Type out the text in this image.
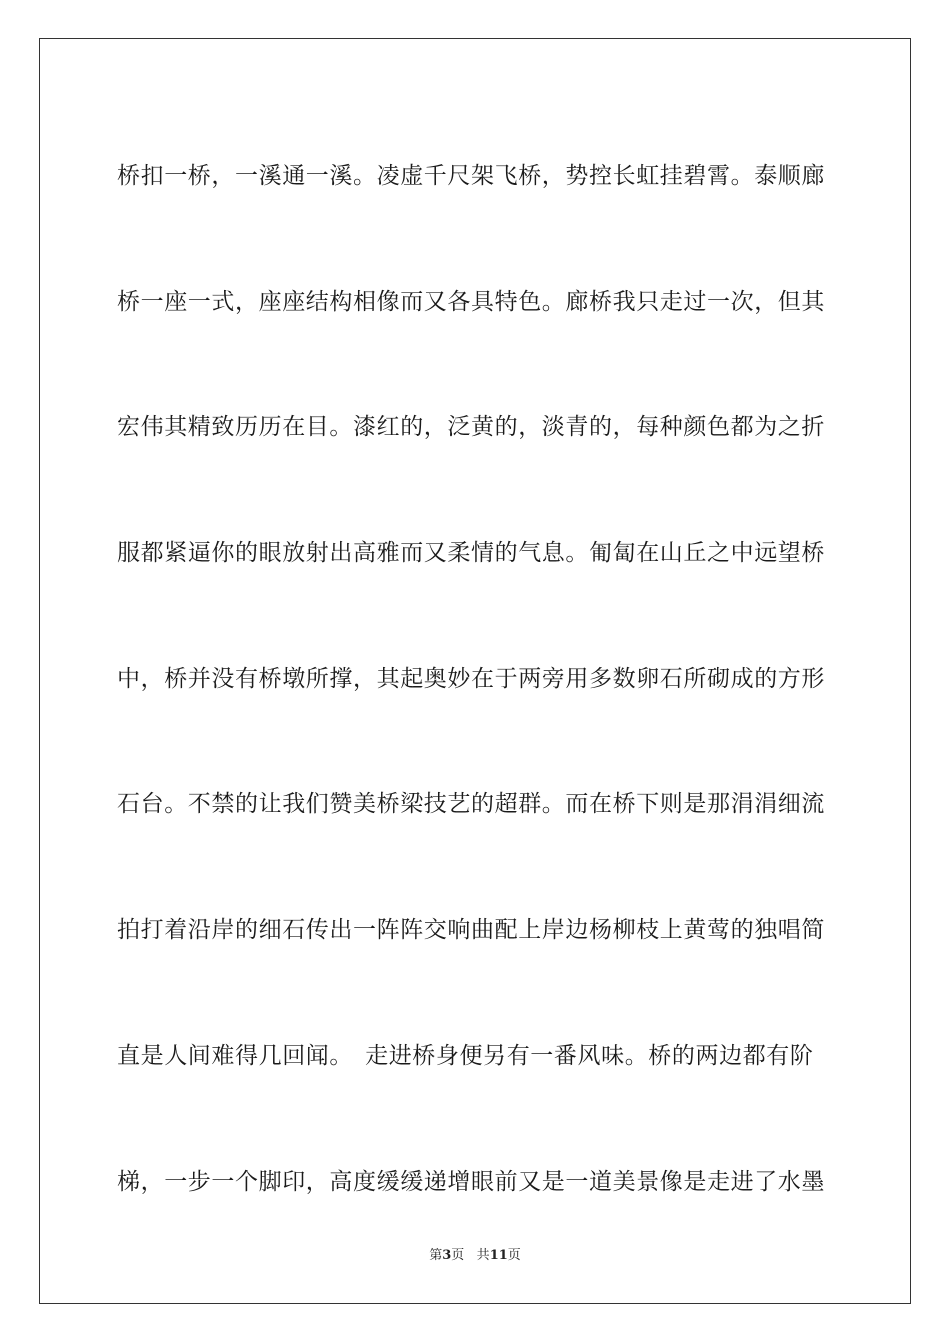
桥扣一桥，一溪通一溪。凌虚千尺架飞桥，势控长虹挂碧霄。泰顺廊

桥一座一式，座座结构相像而又各具特色。廊桥我只走过一次，但其

宏伟其精致历历在目。漆红的，泛黄的，淡青的，每种颜色都为之折

服都紧逼你的眼放射出高雅而又柔情的气息。匍匐在山丘之中远望桥

中，桥并没有桥墩所撑，其起奥妙在于两旁用多数卵石所砌成的方形

石台。不禁的让我们赞美桥梁技艺的超群。而在桥下则是那涓涓细流

拍打着沿岸的细石传出一阵阵交响曲配上岸边杨柳枝上黄莺的独唱简

直是人间难得几回闻。　走进桥身便另有一番风味。桥的两边都有阶

梯，一步一个脚印，高度缓缓递增眼前又是一道美景像是走进了水墨

第3页 共11页
